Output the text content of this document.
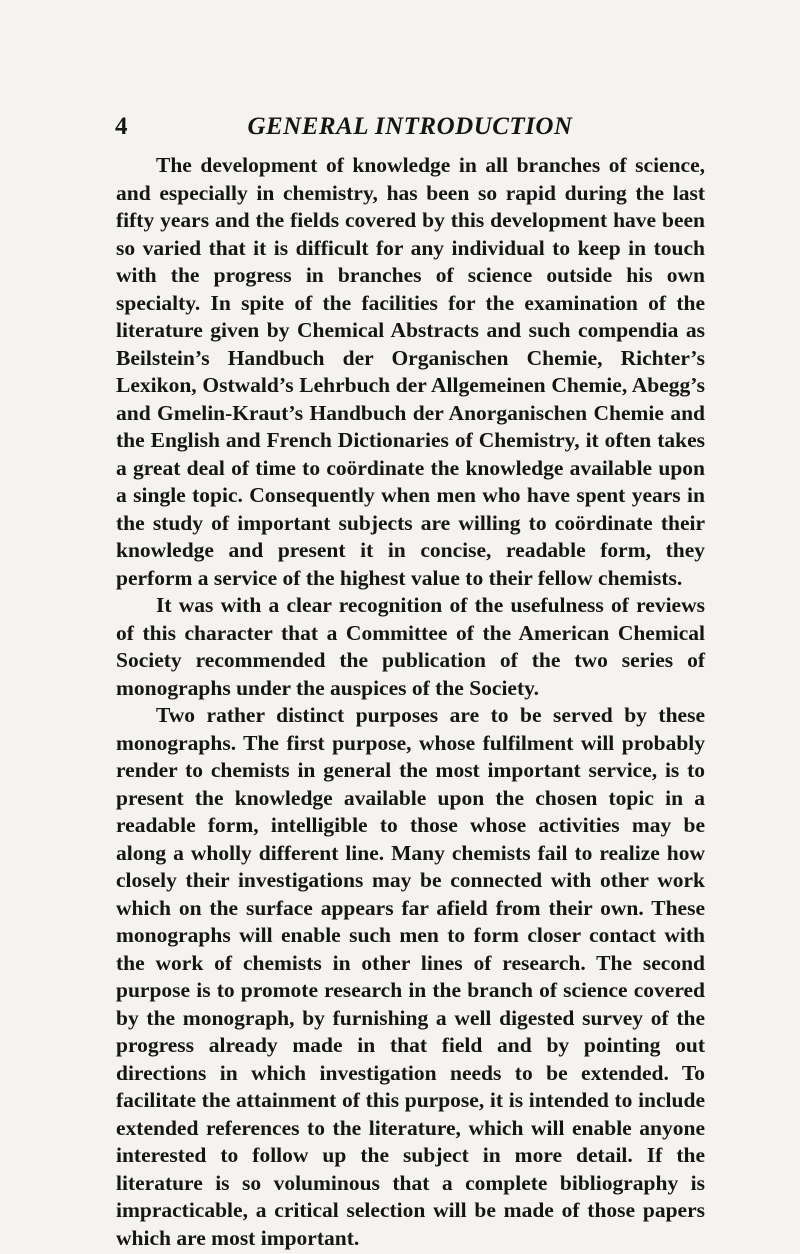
4	GENERAL INTRODUCTION

The development of knowledge in all branches of science, and especially in chemistry, has been so rapid during the last fifty years and the fields covered by this development have been so varied that it is difficult for any individual to keep in touch with the progress in branches of science outside his own specialty. In spite of the facilities for the examination of the literature given by Chemical Abstracts and such compendia as Beilstein’s Handbuch der Organischen Chemie, Richter’s Lexikon, Ostwald’s Lehrbuch der Allgemeinen Chemie, Abegg’s and Gmelin-Kraut’s Handbuch der Anorganischen Chemie and the English and French Dictionaries of Chemistry, it often takes a great deal of time to coördinate the knowledge available upon a single topic. Consequently when men who have spent years in the study of important subjects are willing to coördinate their knowledge and present it in concise, readable form, they perform a service of the highest value to their fellow chemists.

It was with a clear recognition of the usefulness of reviews of this character that a Committee of the American Chemical Society recommended the publication of the two series of monographs under the auspices of the Society.

Two rather distinct purposes are to be served by these monographs. The first purpose, whose fulfilment will probably render to chemists in general the most important service, is to present the knowledge available upon the chosen topic in a readable form, intelligible to those whose activities may be along a wholly different line. Many chemists fail to realize how closely their investigations may be connected with other work which on the surface appears far afield from their own. These monographs will enable such men to form closer contact with the work of chemists in other lines of research. The second purpose is to promote research in the branch of science covered by the monograph, by furnishing a well digested survey of the progress already made in that field and by pointing out directions in which investigation needs to be extended. To facilitate the attainment of this purpose, it is intended to include extended references to the literature, which will enable anyone interested to follow up the subject in more detail. If the literature is so voluminous that a complete bibliography is impracticable, a critical selection will be made of those papers which are most important.
